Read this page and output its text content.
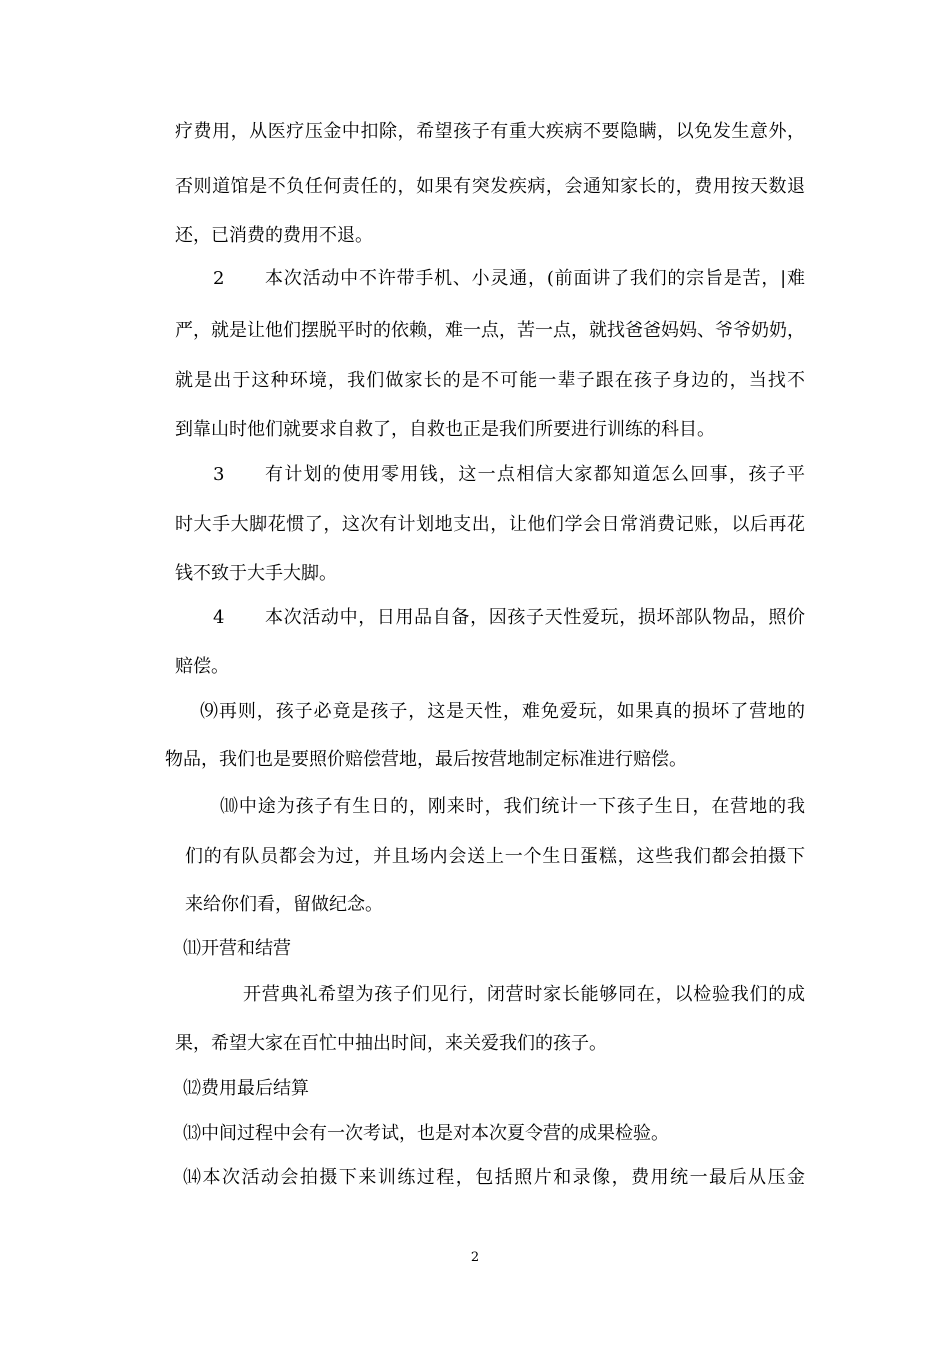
疗费用，从医疗压金中扣除，希望孩子有重大疾病不要隐瞒，以免发生意外，
否则道馆是不负任何责任的，如果有突发疾病，会通知家长的，费用按天数退
还，已消费的费用不退。
2 本次活动中不许带手机、小灵通，(前面讲了我们的宗旨是苦，|难
严，就是让他们摆脱平时的依赖，难一点，苦一点，就找爸爸妈妈、爷爷奶奶，
就是出于这种环境，我们做家长的是不可能一辈子跟在孩子身边的，当找不
到靠山时他们就要求自救了，自救也正是我们所要进行训练的科目。
3 有计划的使用零用钱，这一点相信大家都知道怎么回事，孩子平
时大手大脚花惯了，这次有计划地支出，让他们学会日常消费记账，以后再花
钱不致于大手大脚。
4 本次活动中，日用品自备，因孩子天性爱玩，损坏部队物品，照价
赔偿。
⑼再则，孩子必竟是孩子，这是天性，难免爱玩，如果真的损坏了营地的
物品，我们也是要照价赔偿营地，最后按营地制定标准进行赔偿。
⑽中途为孩子有生日的，刚来时，我们统计一下孩子生日，在营地的我
们的有队员都会为过，并且场内会送上一个生日蛋糕，这些我们都会拍摄下
来给你们看，留做纪念。
⑾开营和结营
开营典礼希望为孩子们见行，闭营时家长能够同在，以检验我们的成
果，希望大家在百忙中抽出时间，来关爱我们的孩子。
⑿费用最后结算
⒀中间过程中会有一次考试，也是对本次夏令营的成果检验。
⒁本次活动会拍摄下来训练过程，包括照片和录像，费用统一最后从压金
2
